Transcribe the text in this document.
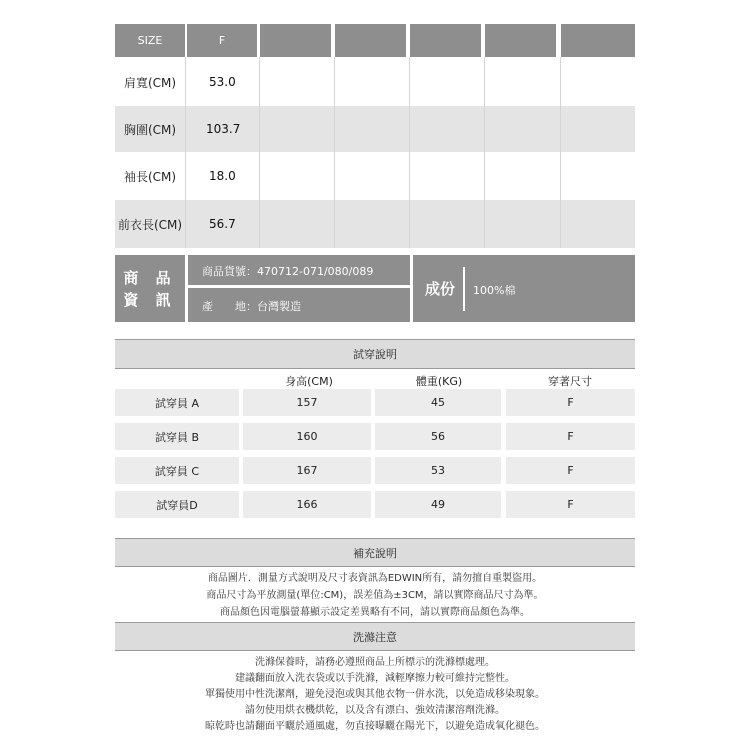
SIZE	F
肩寬(CM)	53.0
胸圍(CM)	103.7
袖長(CM)	18.0
前衣長(CM) 56.7
商 品
資 訊
商品貨號：470712-071/080/089
產　　地：台灣製造
成份 100%棉
試穿說明
身高(CM)	體重(KG)	穿著尺寸
試穿員 A	157	45	F
試穿員 B	160	56	F
試穿員 C	167	53	F
試穿員D	166	49	F
補充說明
商品圖片．測量方式說明及尺寸表資訊為EDWIN所有，請勿擅自重製盜用。
商品尺寸為平放測量(單位:CM)，誤差值為±3CM，請以實際商品尺寸為準。
商品顏色因電腦螢幕顯示設定差異略有不同，請以實際商品顏色為準。
洗滌注意
洗滌保養時，請務必遵照商品上所標示的洗滌標處理。
建議翻面放入洗衣袋或以手洗滌，減輕摩擦力較可維持完整性。
單獨使用中性洗潔劑，避免浸泡或與其他衣物一併水洗，以免造成移染現象。
請勿使用烘衣機烘乾，以及含有漂白、強效清潔溶劑洗滌。
晾乾時也請翻面平曬於通風處，勿直接曝曬在陽光下，以避免造成氧化褪色。
